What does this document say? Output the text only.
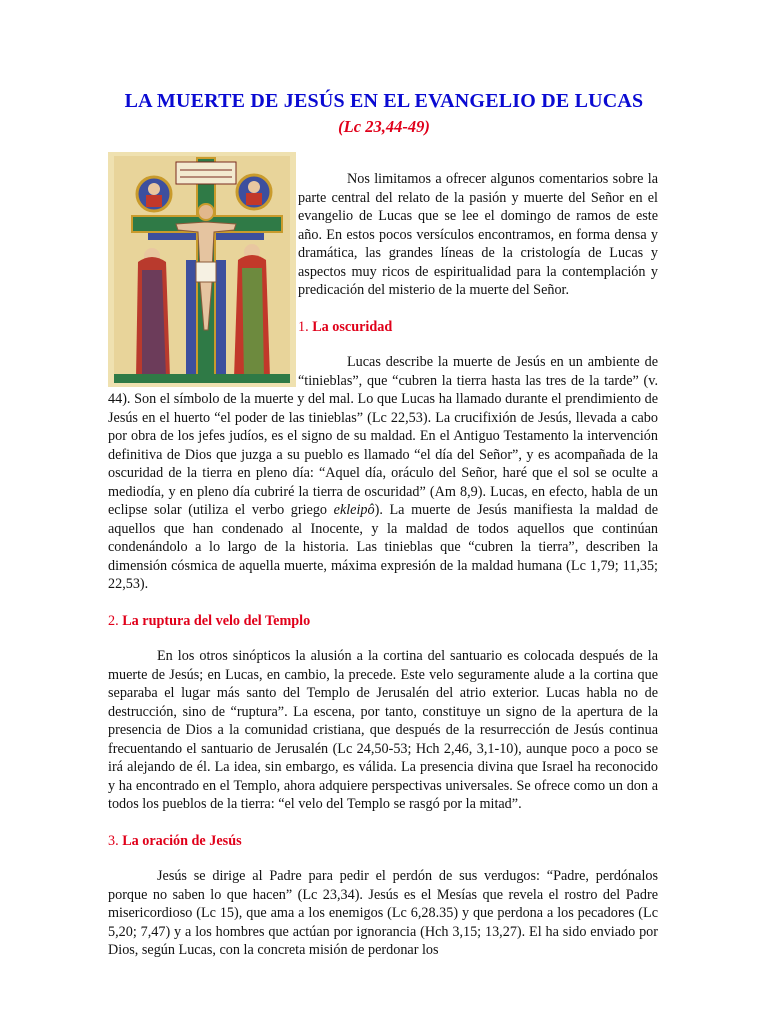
LA MUERTE DE JESÚS EN EL EVANGELIO DE LUCAS
(Lc 23,44-49)

Nos limitamos a ofrecer algunos comentarios sobre la parte central del relato de la pasión y muerte del Señor en el evangelio de Lucas que se lee el domingo de ramos de este año. En estos pocos versículos encontramos, en forma densa y dramática, las grandes líneas de la cristología de Lucas y aspectos muy ricos de espiritualidad para la contemplación y predicación del misterio de la muerte del Señor.

1. La oscuridad

Lucas describe la muerte de Jesús en un ambiente de “tinieblas”, que “cubren la tierra hasta las tres de la tarde” (v. 44). Son el símbolo de la muerte y del mal. Lo que Lucas ha llamado durante el prendimiento de Jesús en el huerto “el poder de las tinieblas” (Lc 22,53). La crucifixión de Jesús, llevada a cabo por obra de los jefes judíos, es el signo de su maldad. En el Antiguo Testamento la intervención definitiva de Dios que juzga a su pueblo es llamado “el día del Señor”, y es acompañada de la oscuridad de la tierra en pleno día: “Aquel día, oráculo del Señor, haré que el sol se oculte a mediodía, y en pleno día cubriré la tierra de oscuridad” (Am 8,9). Lucas, en efecto, habla de un eclipse solar (utiliza el verbo griego ekleipô). La muerte de Jesús manifiesta la maldad de aquellos que han condenado al Inocente, y la maldad de todos aquellos que continúan condenándolo a lo largo de la historia. Las tinieblas que “cubren la tierra”, describen la dimensión cósmica de aquella muerte, máxima expresión de la maldad humana (Lc 1,79; 11,35; 22,53).

2. La ruptura del velo del Templo

En los otros sinópticos la alusión a la cortina del santuario es colocada después de la muerte de Jesús; en Lucas, en cambio, la precede. Este velo seguramente alude a la cortina que separaba el lugar más santo del Templo de Jerusalén del atrio exterior. Lucas habla no de destrucción, sino de “ruptura”. La escena, por tanto, constituye un signo de la apertura de la presencia de Dios a la comunidad cristiana, que después de la resurrección de Jesús continua frecuentando el santuario de Jerusalén (Lc 24,50-53; Hch 2,46, 3,1-10), aunque poco a poco se irá alejando de él. La idea, sin embargo, es válida. La presencia divina que Israel ha reconocido y ha encontrado en el Templo, ahora adquiere perspectivas universales. Se ofrece como un don a todos los pueblos de la tierra: “el velo del Templo se rasgó por la mitad”.

3. La oración de Jesús

Jesús se dirige al Padre para pedir el perdón de sus verdugos: “Padre, perdónalos porque no saben lo que hacen” (Lc 23,34). Jesús es el Mesías que revela el rostro del Padre misericordioso (Lc 15), que ama a los enemigos (Lc 6,28.35) y que perdona a los pecadores (Lc 5,20; 7,47) y a los hombres que actúan por ignorancia (Hch 3,15; 13,27). El ha sido enviado por Dios, según Lucas, con la concreta misión de perdonar los
